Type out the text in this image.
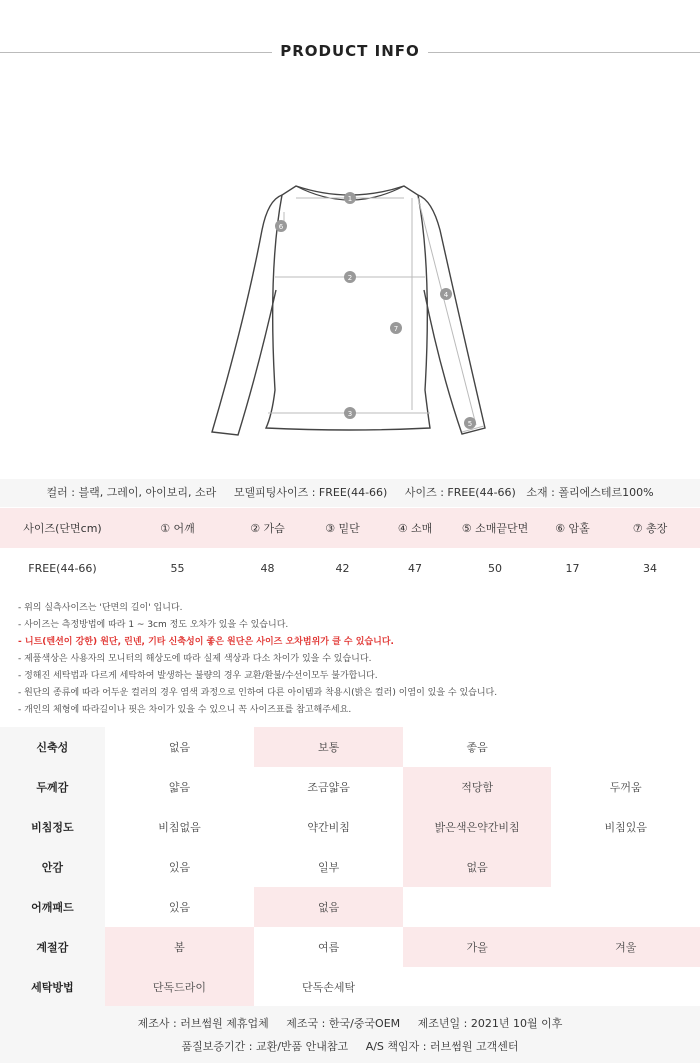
PRODUCT INFO
1
2
3
4
5
6
7
컬러 : 블랙, 그레이, 아이보리, 소라 모델피팅사이즈 : FREE(44-66) 사이즈 : FREE(44-66) 소재 : 폴리에스테르100%
사이즈(단면cm)	① 어깨	② 가슴	③ 밑단	④ 소매	⑤ 소매끝단면	⑥ 암홀	⑦ 총장
FREE(44-66)	55	48	42	47	50	17	34
- 위의 실측사이즈는 '단면의 길이' 입니다.
- 사이즈는 측정방법에 따라 1 ~ 3cm 정도 오차가 있을 수 있습니다.
- 니트(텐션이 강한) 원단, 린넨, 기타 신축성이 좋은 원단은 사이즈 오차범위가 클 수 있습니다.
- 제품색상은 사용자의 모니터의 해상도에 따라 실제 색상과 다소 차이가 있을 수 있습니다.
- 정해진 세탁법과 다르게 세탁하여 발생하는 불량의 경우 교환/환불/수선이모두 불가합니다.
- 원단의 종류에 따라 어두운 컬러의 경우 염색 과정으로 인하여 다른 아이템과 착용시(밝은 컬러) 이염이 있을 수 있습니다.
- 개인의 체형에 따라길이나 핏은 차이가 있을 수 있으니 꼭 사이즈표를 참고해주세요.
신축성	없음	보통	좋음
두께감	얇음	조금얇음	적당함	두꺼움
비침정도	비침없음	약간비침	밝은색은약간비침	비침있음
안감	있음	일부	없음
어깨패드	있음	없음
계절감	봄	여름	가을	겨울
세탁방법	단독드라이	단독손세탁
제조사 : 러브썸원 제휴업체 제조국 : 한국/중국OEM 제조년일 : 2021년 10월 이후
품질보증기간 : 교환/반품 안내참고 A/S 책임자 : 러브썸원 고객센터
